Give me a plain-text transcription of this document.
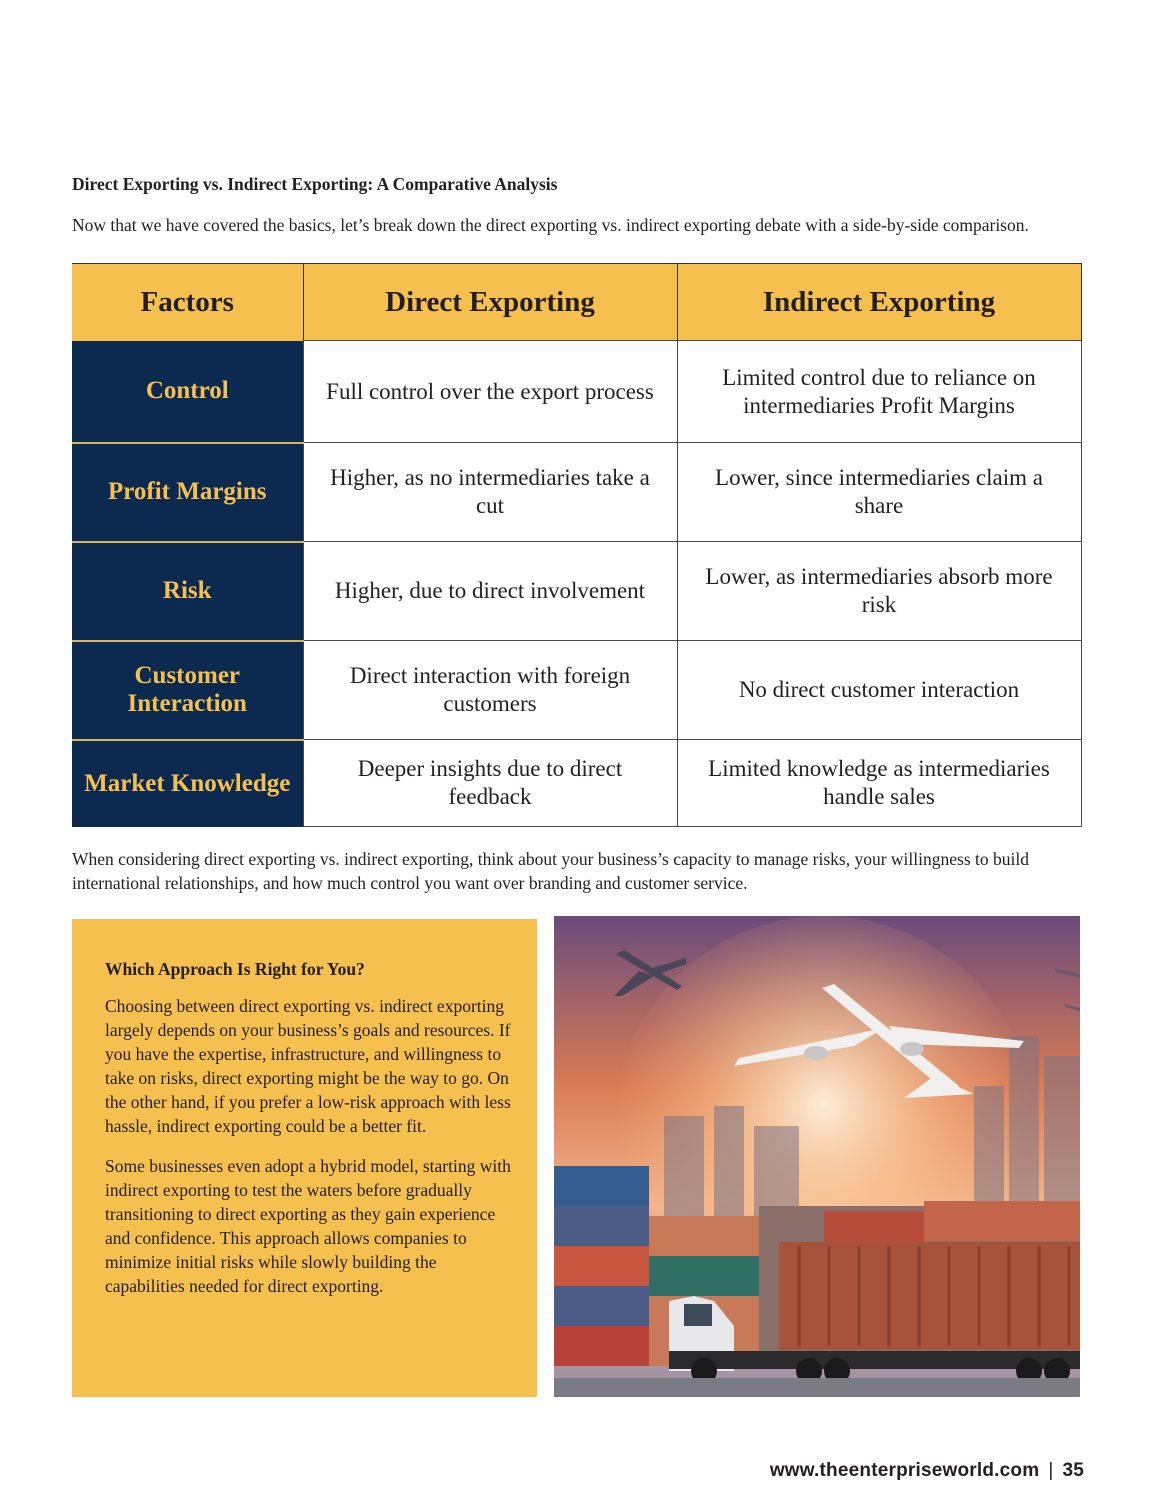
Direct Exporting vs. Indirect Exporting: A Comparative Analysis

Now that we have covered the basics, let’s break down the direct exporting vs. indirect exporting debate with a side-by-side comparison.

Factors	Direct Exporting	Indirect Exporting
Control	Full control over the export process	Limited control due to reliance on intermediaries Profit Margins
Profit Margins	Higher, as no intermediaries take a cut	Lower, since intermediaries claim a share
Risk	Higher, due to direct involvement	Lower, as intermediaries absorb more risk
Customer Interaction	Direct interaction with foreign customers	No direct customer interaction
Market Knowledge	Deeper insights due to direct feedback	Limited knowledge as intermediaries handle sales

When considering direct exporting vs. indirect exporting, think about your business’s capacity to manage risks, your willingness to build international relationships, and how much control you want over branding and customer service.

Which Approach Is Right for You?

Choosing between direct exporting vs. indirect exporting largely depends on your business’s goals and resources. If you have the expertise, infrastructure, and willingness to take on risks, direct exporting might be the way to go. On the other hand, if you prefer a low-risk approach with less hassle, indirect exporting could be a better fit.

Some businesses even adopt a hybrid model, starting with indirect exporting to test the waters before gradually transitioning to direct exporting as they gain experience and confidence. This approach allows companies to minimize initial risks while slowly building the capabilities needed for direct exporting.

www.theenterpriseworld.com | 35
